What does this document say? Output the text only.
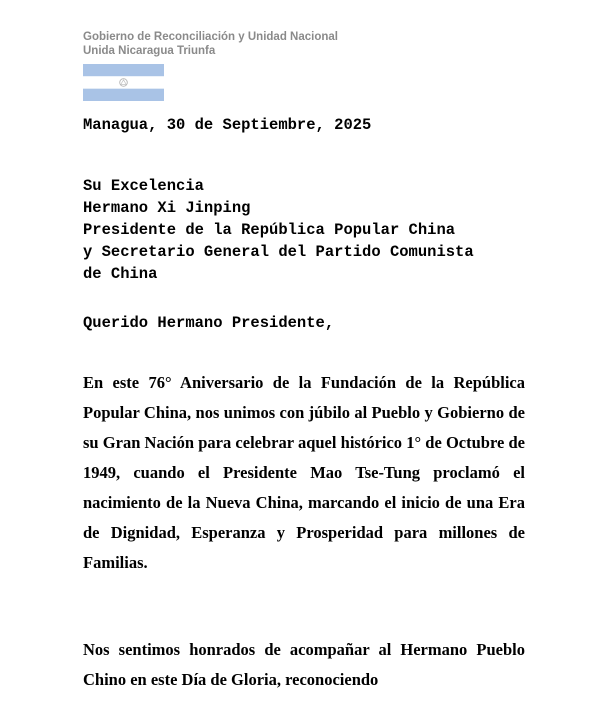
Gobierno de Reconciliación y Unidad Nacional
Unida Nicaragua Triunfa
Managua, 30 de Septiembre, 2025
Su Excelencia
Hermano Xi Jinping
Presidente de la República Popular China
y Secretario General del Partido Comunista
de China
Querido Hermano Presidente,

En este 76° Aniversario de la Fundación de la República Popular China, nos unimos con júbilo al Pueblo y Gobierno de su Gran Nación para celebrar aquel histórico 1° de Octubre de 1949, cuando el Presidente Mao Tse-Tung proclamó el nacimiento de la Nueva China, marcando el inicio de una Era de Dignidad, Esperanza y Prosperidad para millones de Familias.

Nos sentimos honrados de acompañar al Hermano Pueblo Chino en este Día de Gloria, reconociendo
